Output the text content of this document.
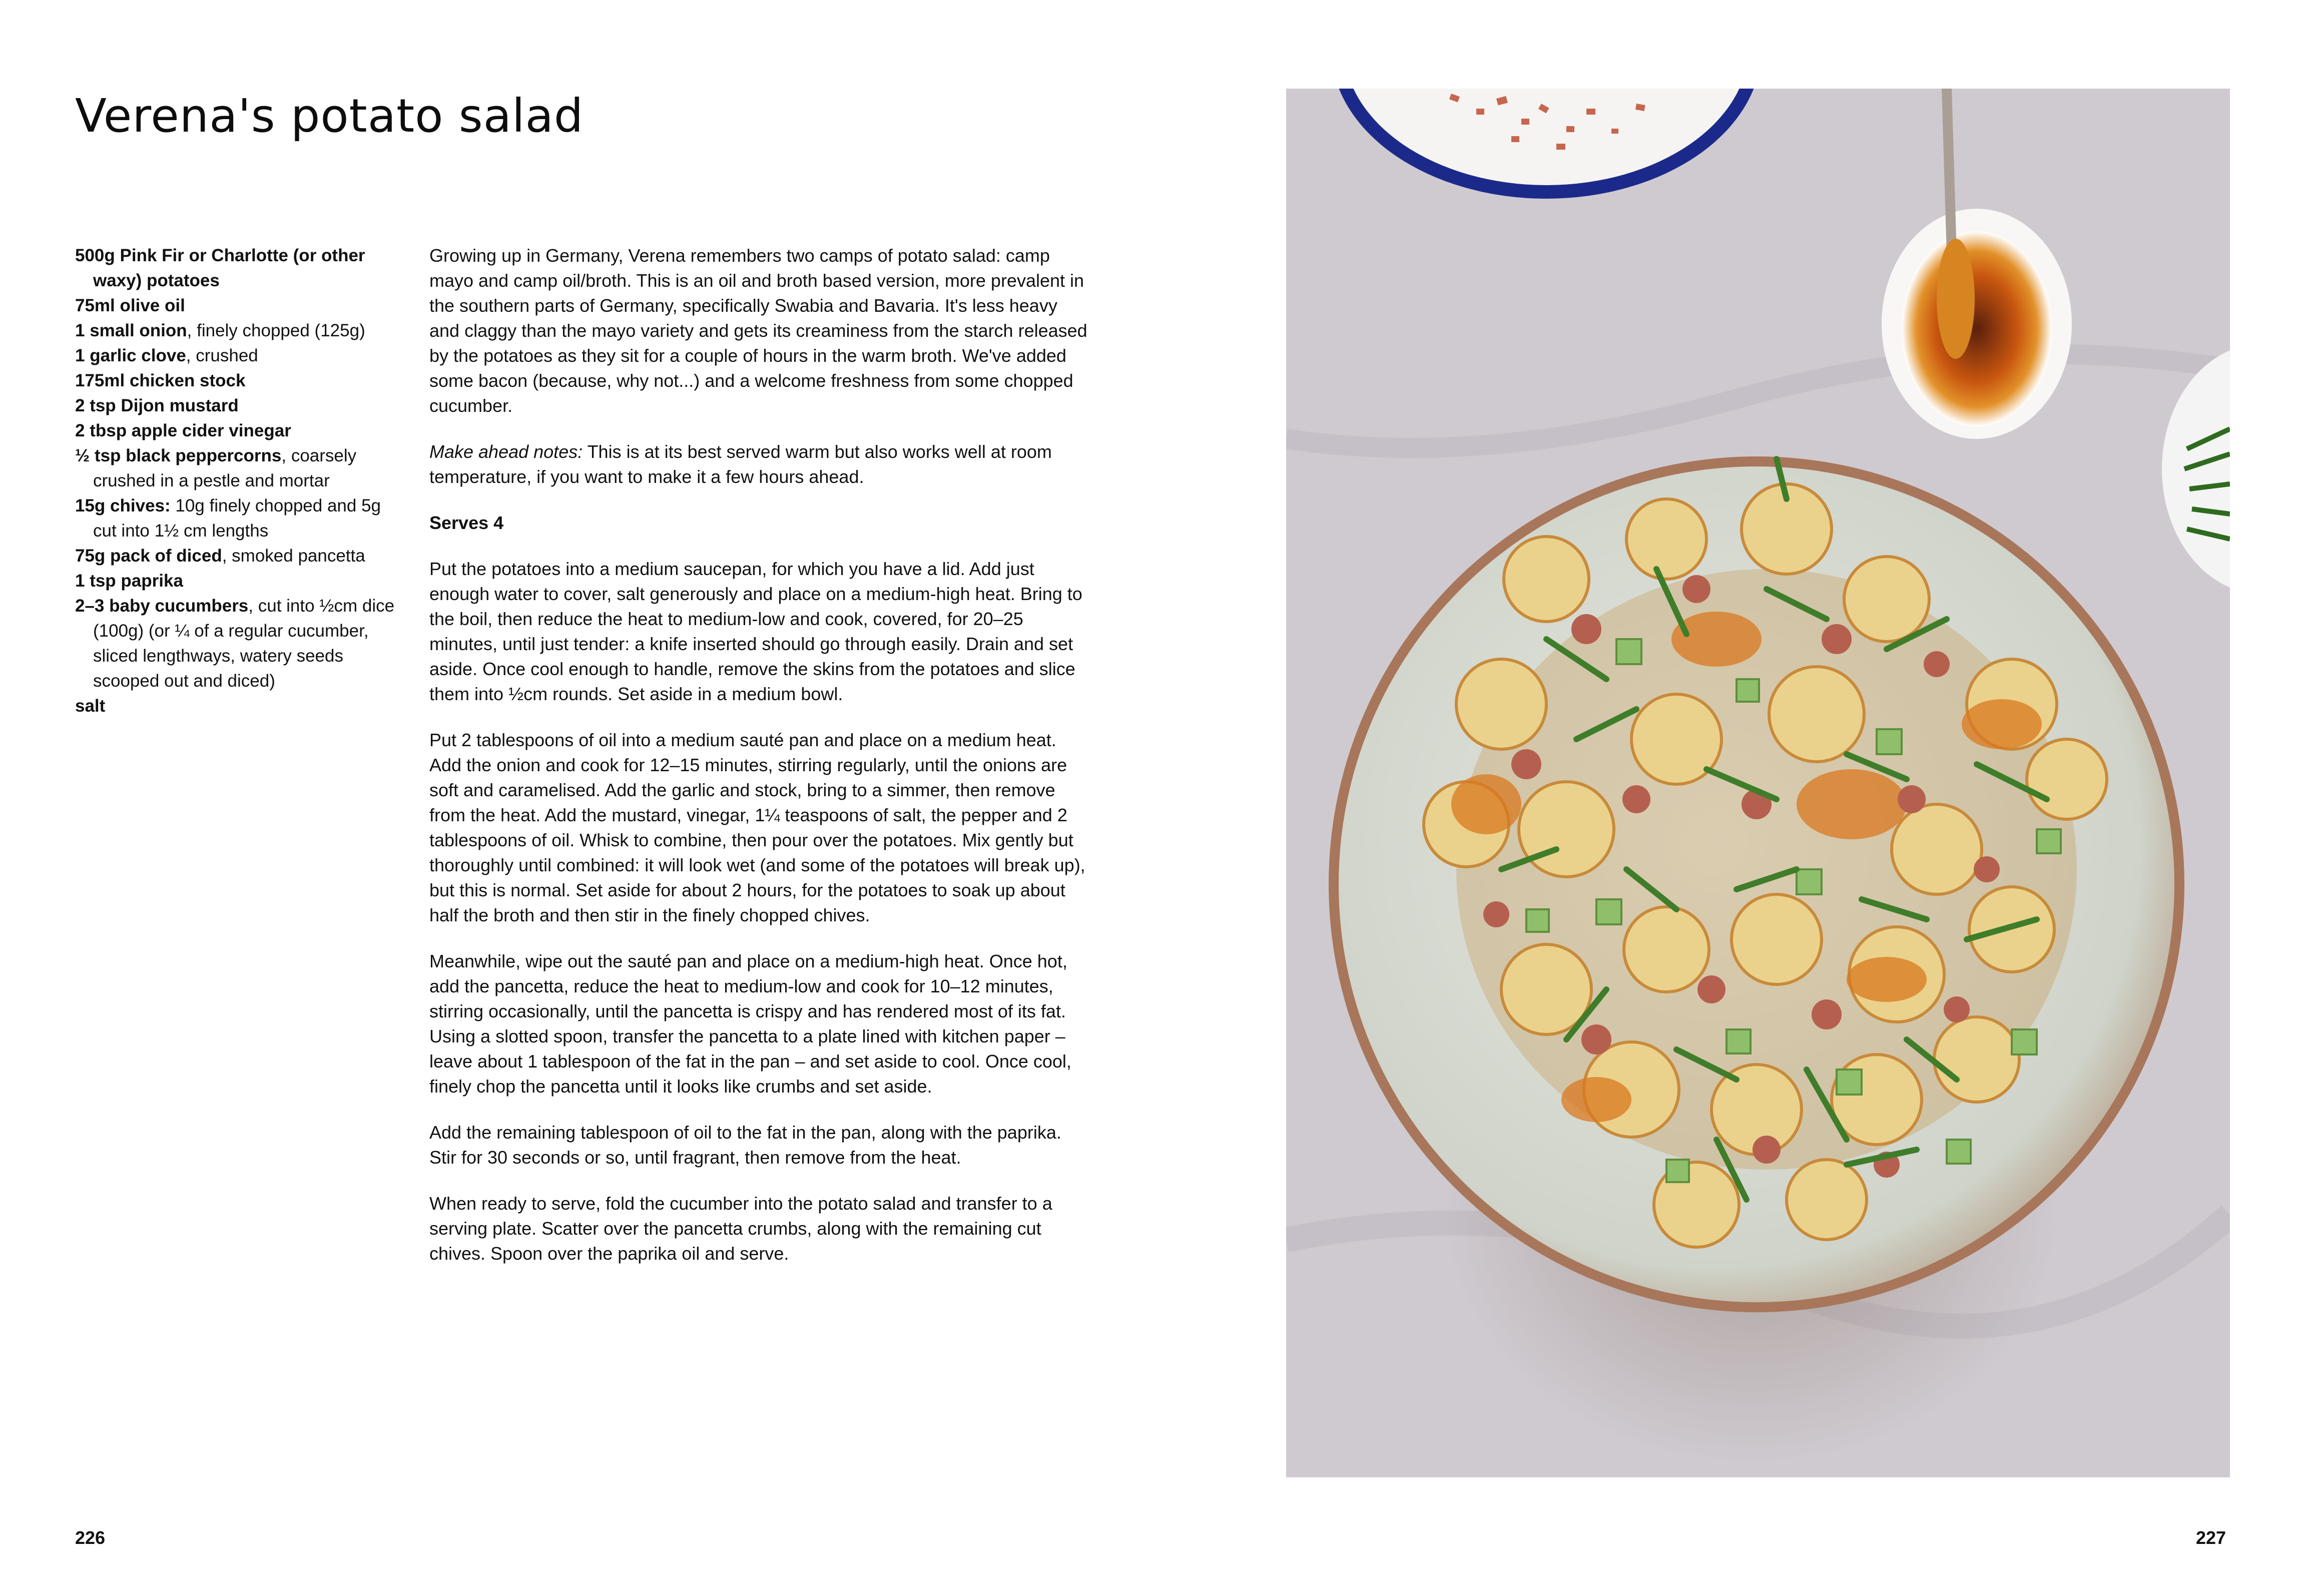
Verena's potato salad
500g Pink Fir or Charlotte (or other waxy) potatoes
75ml olive oil
1 small onion, finely chopped (125g)
1 garlic clove, crushed
175ml chicken stock
2 tsp Dijon mustard
2 tbsp apple cider vinegar
½ tsp black peppercorns, coarsely crushed in a pestle and mortar
15g chives: 10g finely chopped and 5g cut into 1½ cm lengths
75g pack of diced, smoked pancetta
1 tsp paprika
2–3 baby cucumbers, cut into ½cm dice (100g) (or ¼ of a regular cucumber, sliced lengthways, watery seeds scooped out and diced)
salt

Growing up in Germany, Verena remembers two camps of potato salad: camp mayo and camp oil/broth. This is an oil and broth based version, more prevalent in the southern parts of Germany, specifically Swabia and Bavaria. It's less heavy and claggy than the mayo variety and gets its creaminess from the starch released by the potatoes as they sit for a couple of hours in the warm broth. We've added some bacon (because, why not...) and a welcome freshness from some chopped cucumber.

Make ahead notes: This is at its best served warm but also works well at room temperature, if you want to make it a few hours ahead.

Serves 4

Put the potatoes into a medium saucepan, for which you have a lid. Add just enough water to cover, salt generously and place on a medium-high heat. Bring to the boil, then reduce the heat to medium-low and cook, covered, for 20–25 minutes, until just tender: a knife inserted should go through easily. Drain and set aside. Once cool enough to handle, remove the skins from the potatoes and slice them into ½cm rounds. Set aside in a medium bowl.

Put 2 tablespoons of oil into a medium sauté pan and place on a medium heat. Add the onion and cook for 12–15 minutes, stirring regularly, until the onions are soft and caramelised. Add the garlic and stock, bring to a simmer, then remove from the heat. Add the mustard, vinegar, 1¼ teaspoons of salt, the pepper and 2 tablespoons of oil. Whisk to combine, then pour over the potatoes. Mix gently but thoroughly until combined: it will look wet (and some of the potatoes will break up), but this is normal. Set aside for about 2 hours, for the potatoes to soak up about half the broth and then stir in the finely chopped chives.

Meanwhile, wipe out the sauté pan and place on a medium-high heat. Once hot, add the pancetta, reduce the heat to medium-low and cook for 10–12 minutes, stirring occasionally, until the pancetta is crispy and has rendered most of its fat. Using a slotted spoon, transfer the pancetta to a plate lined with kitchen paper – leave about 1 tablespoon of the fat in the pan – and set aside to cool. Once cool, finely chop the pancetta until it looks like crumbs and set aside.

Add the remaining tablespoon of oil to the fat in the pan, along with the paprika. Stir for 30 seconds or so, until fragrant, then remove from the heat.

When ready to serve, fold the cucumber into the potato salad and transfer to a serving plate. Scatter over the pancetta crumbs, along with the remaining cut chives. Spoon over the paprika oil and serve.

226	227
